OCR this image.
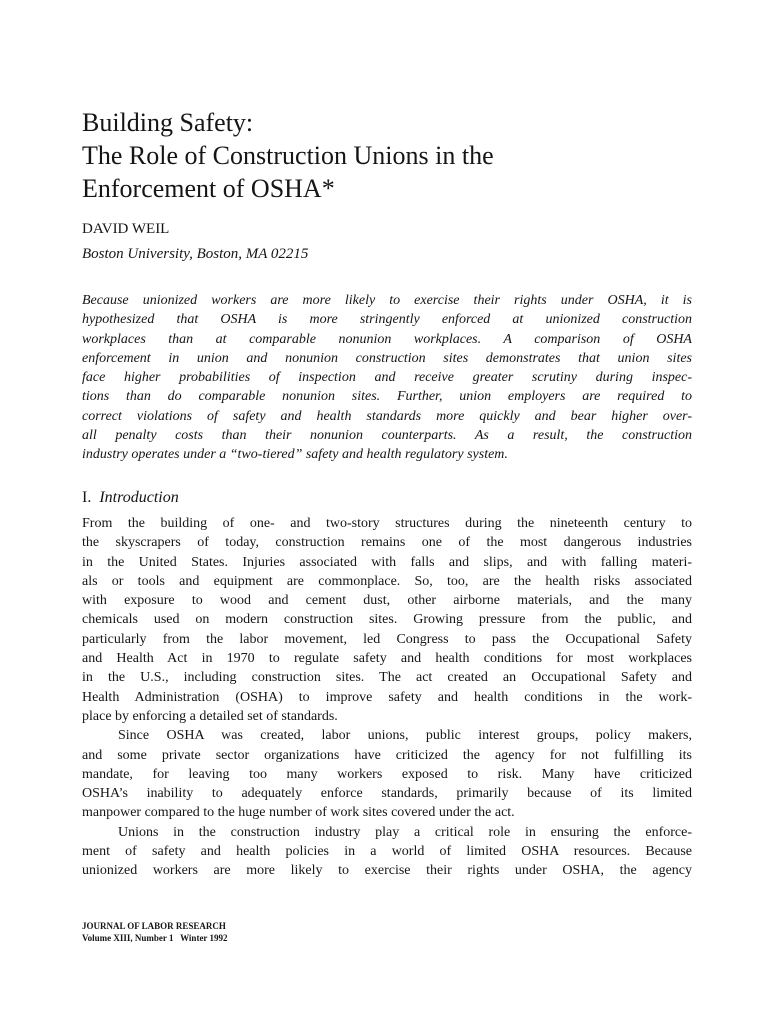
Building Safety:
The Role of Construction Unions in the
Enforcement of OSHA*

DAVID WEIL

Boston University, Boston, MA 02215

Because unionized workers are more likely to exercise their rights under OSHA, it is
hypothesized that OSHA is more stringently enforced at unionized construction
workplaces than at comparable nonunion workplaces. A comparison of OSHA
enforcement in union and nonunion construction sites demonstrates that union sites
face higher probabilities of inspection and receive greater scrutiny during inspec-
tions than do comparable nonunion sites. Further, union employers are required to
correct violations of safety and health standards more quickly and bear higher over-
all penalty costs than their nonunion counterparts. As a result, the construction
industry operates under a “two-tiered” safety and health regulatory system.
I. Introduction
From the building of one- and two-story structures during the nineteenth century to
the skyscrapers of today, construction remains one of the most dangerous industries
in the United States. Injuries associated with falls and slips, and with falling materi-
als or tools and equipment are commonplace. So, too, are the health risks associated
with exposure to wood and cement dust, other airborne materials, and the many
chemicals used on modern construction sites. Growing pressure from the public, and
particularly from the labor movement, led Congress to pass the Occupational Safety
and Health Act in 1970 to regulate safety and health conditions for most workplaces
in the U.S., including construction sites. The act created an Occupational Safety and
Health Administration (OSHA) to improve safety and health conditions in the work-
place by enforcing a detailed set of standards.
Since OSHA was created, labor unions, public interest groups, policy makers,
and some private sector organizations have criticized the agency for not fulfilling its
mandate, for leaving too many workers exposed to risk. Many have criticized
OSHA’s inability to adequately enforce standards, primarily because of its limited
manpower compared to the huge number of work sites covered under the act.
Unions in the construction industry play a critical role in ensuring the enforce-
ment of safety and health policies in a world of limited OSHA resources. Because
unionized workers are more likely to exercise their rights under OSHA, the agency
JOURNAL OF LABOR RESEARCH
Volume XIII, Number 1   Winter 1992
